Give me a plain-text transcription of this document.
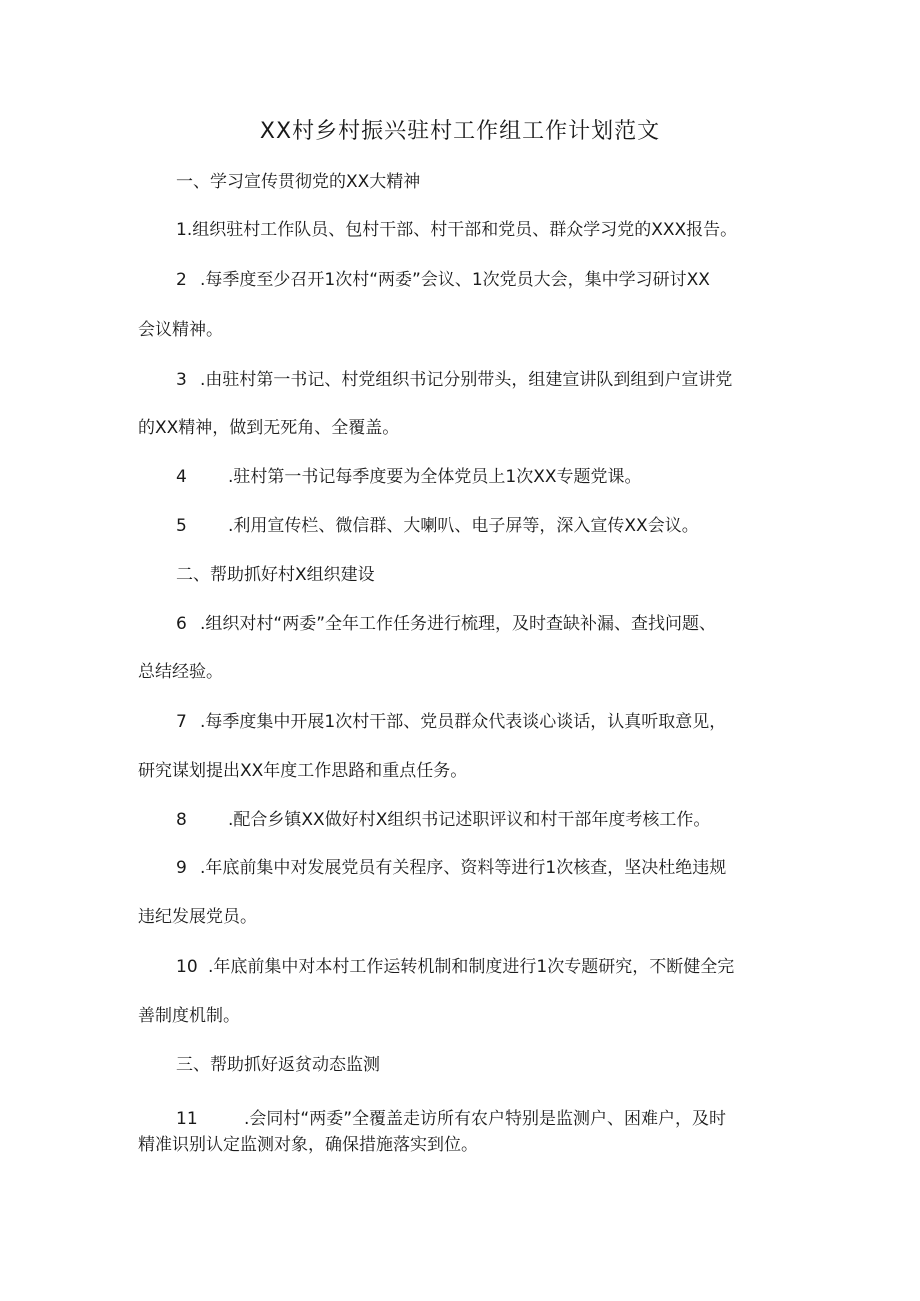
XX村乡村振兴驻村工作组工作计划范文
一、学习宣传贯彻党的XX大精神
1.组织驻村工作队员、包村干部、村干部和党员、群众学习党的XXX报告。
2 .每季度至少召开1次村“两委”会议、1次党员大会，集中学习研讨XX
会议精神。
3 .由驻村第一书记、村党组织书记分别带头，组建宣讲队到组到户宣讲党
的XX精神，做到无死角、全覆盖。
4 .驻村第一书记每季度要为全体党员上1次XX专题党课。
5 .利用宣传栏、微信群、大喇叭、电子屏等，深入宣传XX会议。
二、帮助抓好村X组织建设
6 .组织对村“两委”全年工作任务进行梳理，及时查缺补漏、查找问题、
总结经验。
7 .每季度集中开展1次村干部、党员群众代表谈心谈话，认真听取意见，
研究谋划提出XX年度工作思路和重点任务。
8 .配合乡镇XX做好村X组织书记述职评议和村干部年度考核工作。
9 .年底前集中对发展党员有关程序、资料等进行1次核查，坚决杜绝违规
违纪发展党员。
10 .年底前集中对本村工作运转机制和制度进行1次专题研究，不断健全完
善制度机制。
三、帮助抓好返贫动态监测
11	.会同村“两委”全覆盖走访所有农户特别是监测户、困难户，及时
精准识别认定监测对象，确保措施落实到位。
